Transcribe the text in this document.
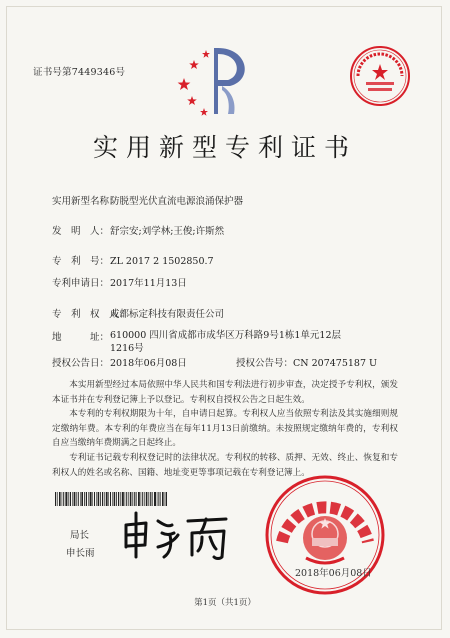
证书号第7449346号
实用新型专利证书
实用新型名称：防脱型光伏直流电源浪涌保护器
发　明　人：舒宗安;刘学林;王俊;许斯然
专　利　号：ZL 2017 2 1502850.7
专利申请日：2017年11月13日
专　利　权　人：成都标定科技有限责任公司
地　　　址：610000 四川省成都市成华区万科路9号1栋1单元12层1216号
授权公告日：2018年06月08日	授权公告号：CN 207475187 U
本实用新型经过本局依照中华人民共和国专利法进行初步审查，决定授予专利权，颁发本证书并在专利登记簿上予以登记。专利权自授权公告之日起生效。
本专利的专利权期限为十年，自申请日起算。专利权人应当依照专利法及其实施细则规定缴纳年费。本专利的年费应当在每年11月13日前缴纳。未按照规定缴纳年费的，专利权自应当缴纳年费期满之日起终止。
专利证书记载专利权登记时的法律状况。专利权的转移、质押、无效、终止、恢复和专利权人的姓名或名称、国籍、地址变更等事项记载在专利登记簿上。
局长
申长雨
2018年06月08日
第1页（共1页）
